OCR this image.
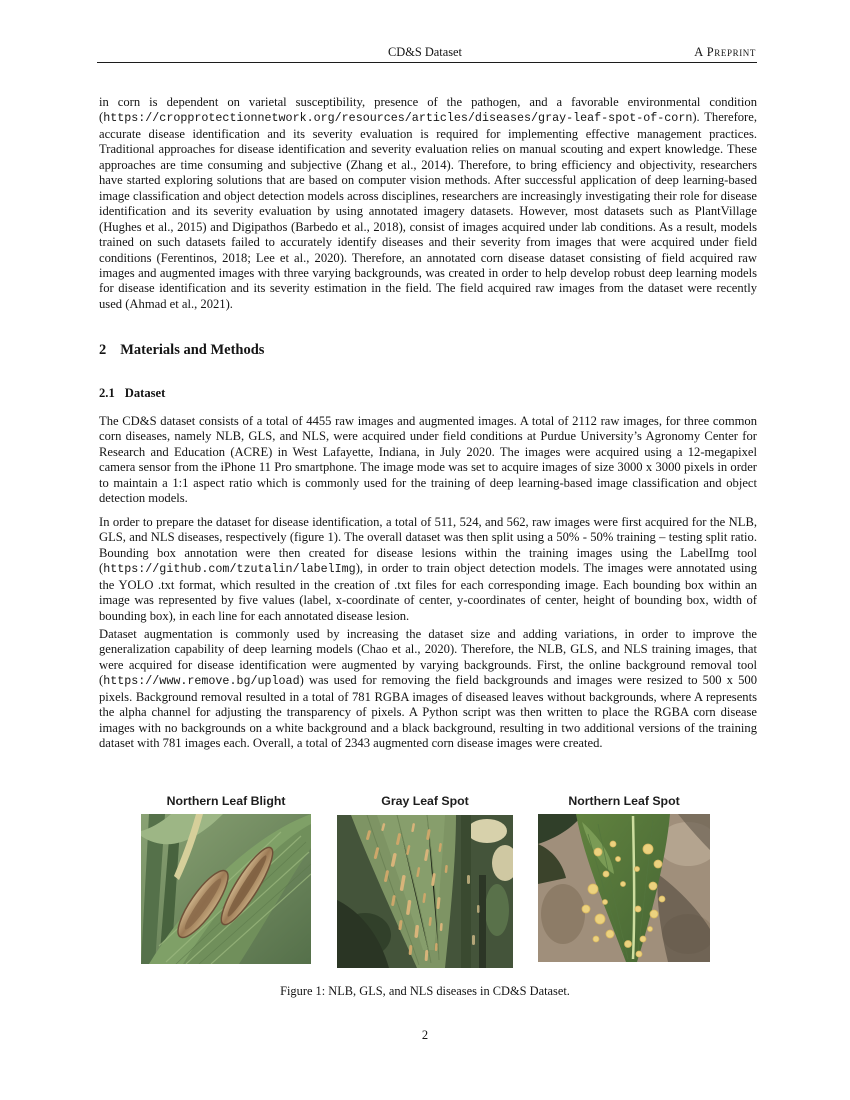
CD&S Dataset	A Preprint

in corn is dependent on varietal susceptibility, presence of the pathogen, and a favorable environmental condition (https://cropprotectionnetwork.org/resources/articles/diseases/gray-leaf-spot-of-corn). Therefore, accurate disease identification and its severity evaluation is required for implementing effective management practices. Traditional approaches for disease identification and severity evaluation relies on manual scouting and expert knowledge. These approaches are time consuming and subjective (Zhang et al., 2014). Therefore, to bring efficiency and objectivity, researchers have started exploring solutions that are based on computer vision methods. After successful application of deep learning-based image classification and object detection models across disciplines, researchers are increasingly investigating their role for disease identification and its severity evaluation by using annotated imagery datasets. However, most datasets such as PlantVillage (Hughes et al., 2015) and Digipathos (Barbedo et al., 2018), consist of images acquired under lab conditions. As a result, models trained on such datasets failed to accurately identify diseases and their severity from images that were acquired under field conditions (Ferentinos, 2018; Lee et al., 2020). Therefore, an annotated corn disease dataset consisting of field acquired raw images and augmented images with three varying backgrounds, was created in order to help develop robust deep learning models for disease identification and its severity estimation in the field. The field acquired raw images from the dataset were recently used (Ahmad et al., 2021).

2 Materials and Methods
2.1 Dataset

The CD&S dataset consists of a total of 4455 raw images and augmented images. A total of 2112 raw images, for three common corn diseases, namely NLB, GLS, and NLS, were acquired under field conditions at Purdue University’s Agronomy Center for Research and Education (ACRE) in West Lafayette, Indiana, in July 2020. The images were acquired using a 12-megapixel camera sensor from the iPhone 11 Pro smartphone. The image mode was set to acquire images of size 3000 x 3000 pixels in order to maintain a 1:1 aspect ratio which is commonly used for the training of deep learning-based image classification and object detection models.

In order to prepare the dataset for disease identification, a total of 511, 524, and 562, raw images were first acquired for the NLB, GLS, and NLS diseases, respectively (figure 1). The overall dataset was then split using a 50% - 50% training – testing split ratio. Bounding box annotation were then created for disease lesions within the training images using the LabelImg tool (https://github.com/tzutalin/labelImg), in order to train object detection models. The images were annotated using the YOLO .txt format, which resulted in the creation of .txt files for each corresponding image. Each bounding box within an image was represented by five values (label, x-coordinate of center, y-coordinates of center, height of bounding box, width of bounding box), in each line for each annotated disease lesion.

Dataset augmentation is commonly used by increasing the dataset size and adding variations, in order to improve the generalization capability of deep learning models (Chao et al., 2020). Therefore, the NLB, GLS, and NLS training images, that were acquired for disease identification were augmented by varying backgrounds. First, the online background removal tool (https://www.remove.bg/upload) was used for removing the field backgrounds and images were resized to 500 x 500 pixels. Background removal resulted in a total of 781 RGBA images of diseased leaves without backgrounds, where A represents the alpha channel for adjusting the transparency of pixels. A Python script was then written to place the RGBA corn disease images with no backgrounds on a white background and a black background, resulting in two additional versions of the training dataset with 781 images each. Overall, a total of 2343 augmented corn disease images were created.

Northern Leaf Blight	Gray Leaf Spot	Northern Leaf Spot
Figure 1: NLB, GLS, and NLS diseases in CD&S Dataset.
2
